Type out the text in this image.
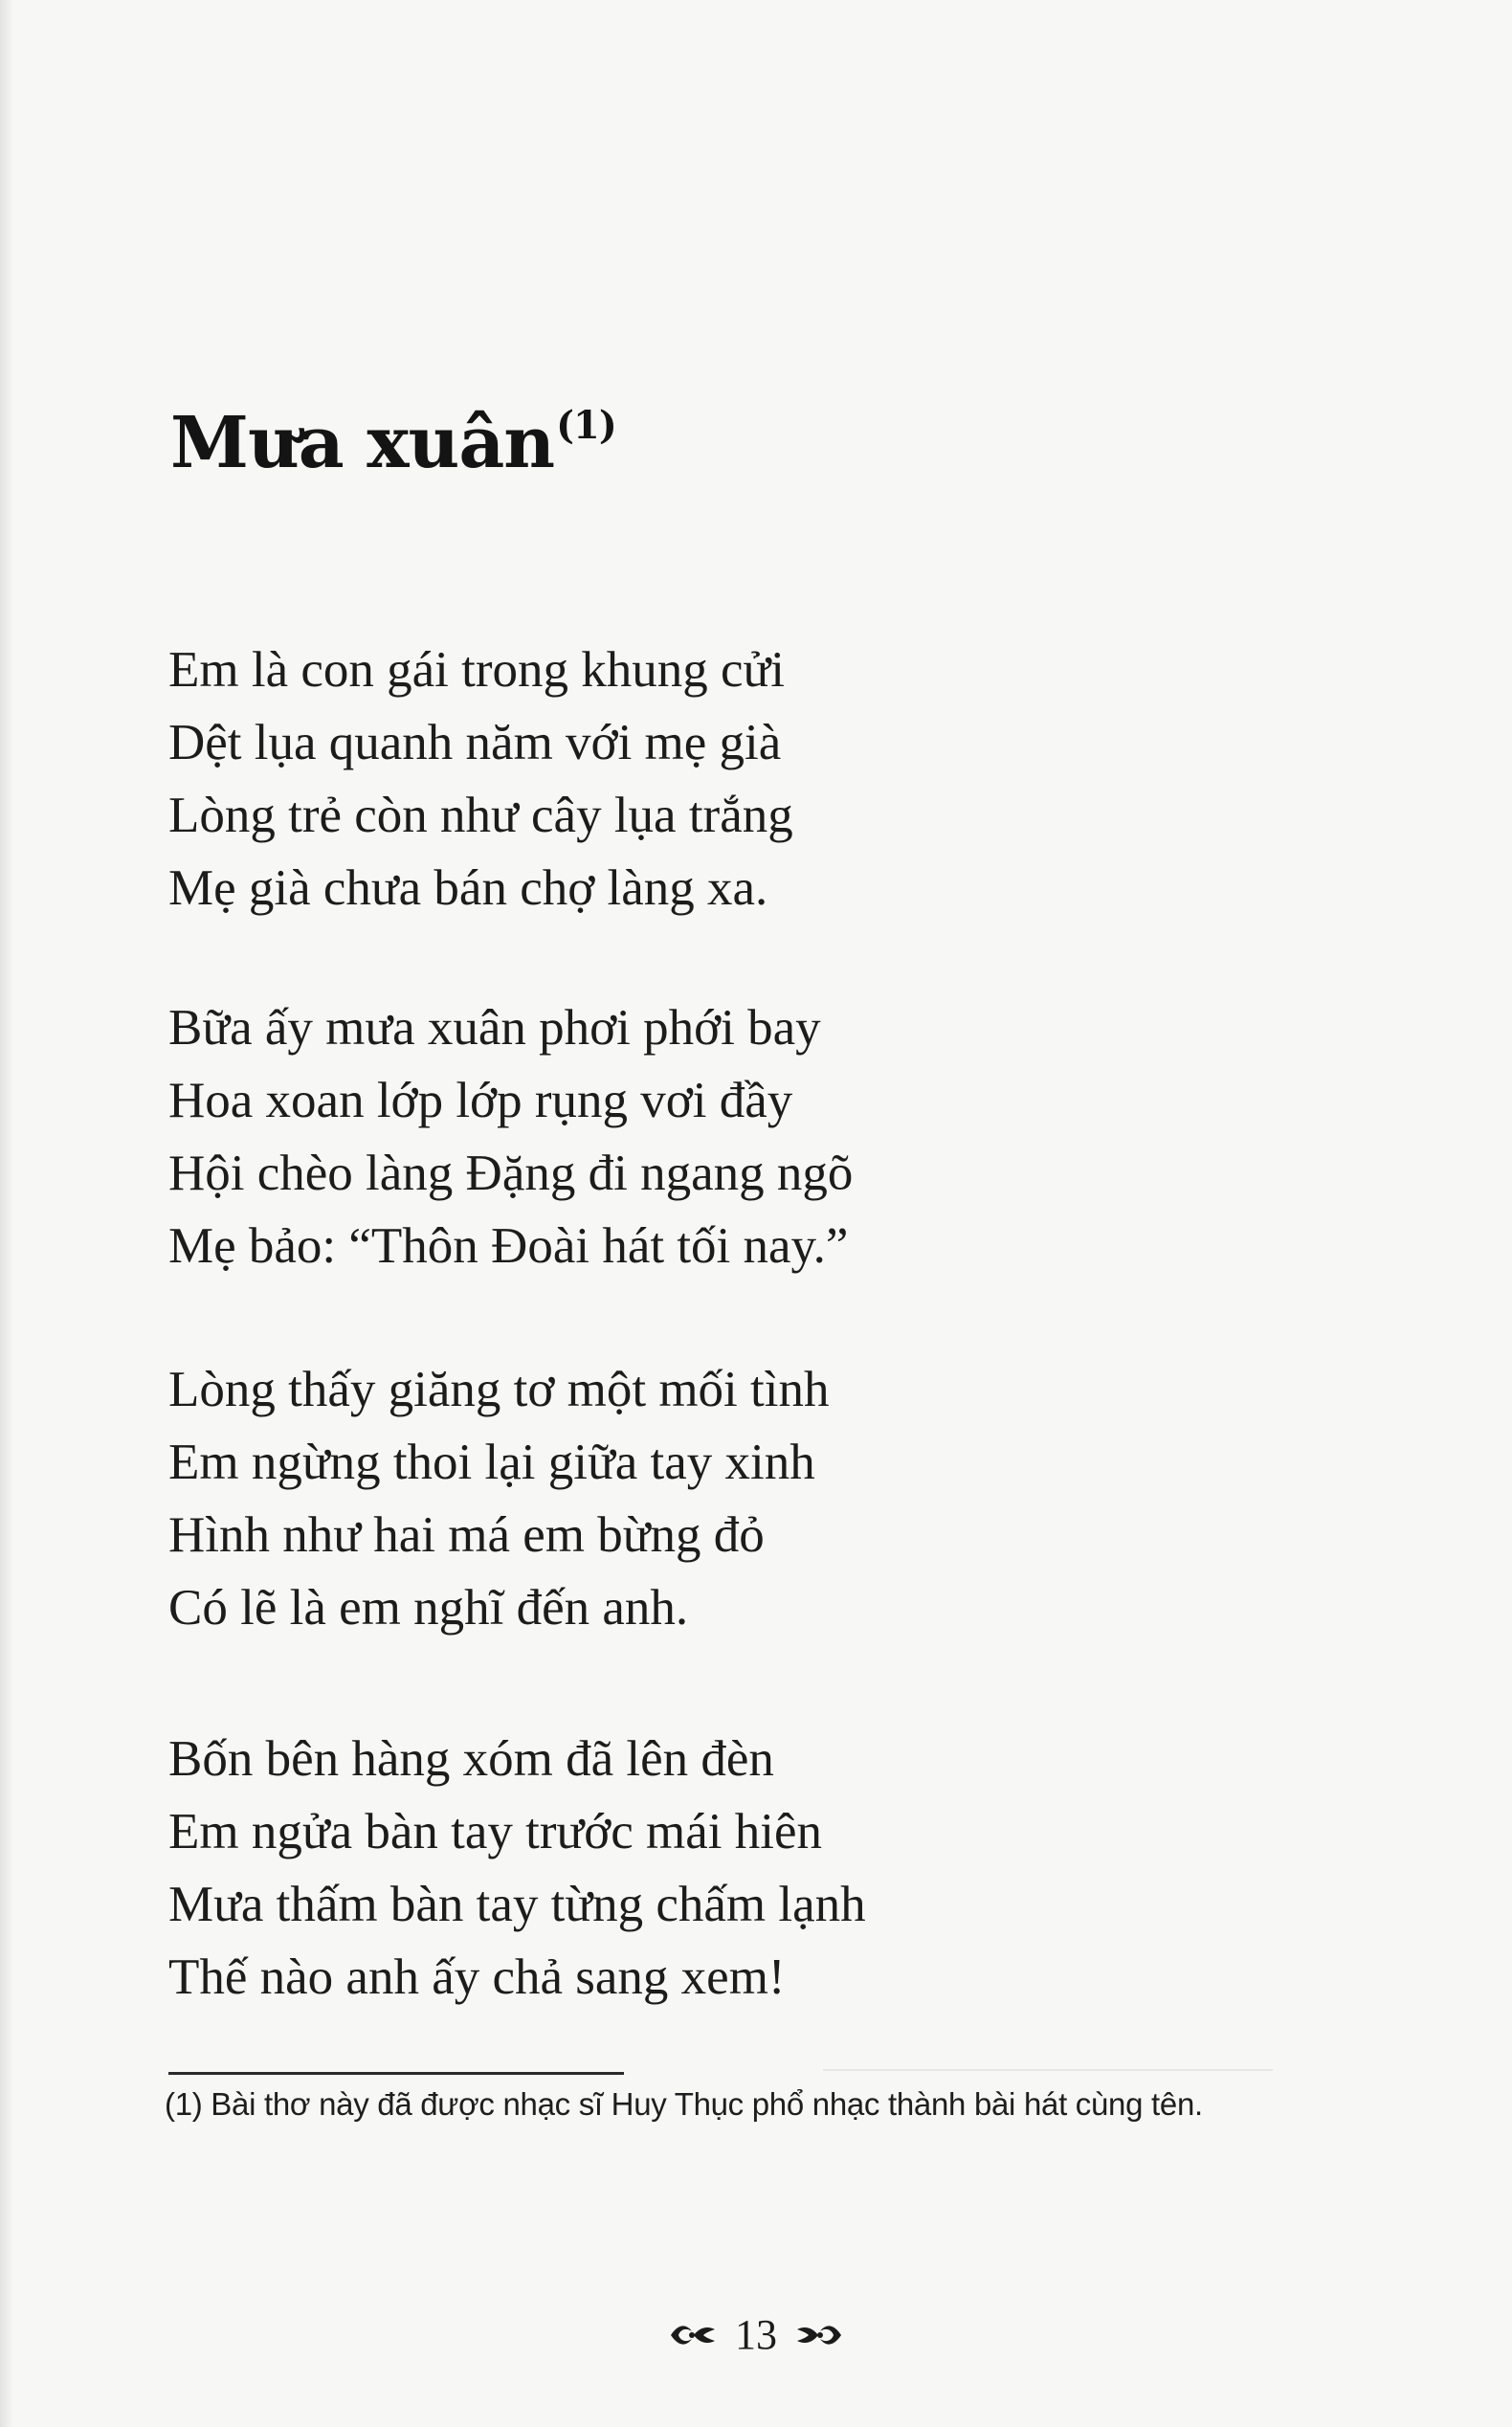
Mưa xuân$^{(1)}$
Em là con gái trong khung cửi
Dệt lụa quanh năm với mẹ già
Lòng trẻ còn như cây lụa trắng
Mẹ già chưa bán chợ làng xa.
Bữa ấy mưa xuân phơi phới bay
Hoa xoan lớp lớp rụng vơi đầy
Hội chèo làng Đặng đi ngang ngõ
Mẹ bảo: “Thôn Đoài hát tối nay.”
Lòng thấy giăng tơ một mối tình
Em ngừng thoi lại giữa tay xinh
Hình như hai má em bừng đỏ
Có lẽ là em nghĩ đến anh.
Bốn bên hàng xóm đã lên đèn
Em ngửa bàn tay trước mái hiên
Mưa thấm bàn tay từng chấm lạnh
Thế nào anh ấy chả sang xem!
(1) Bài thơ này đã được nhạc sĩ Huy Thục phổ nhạc thành bài hát cùng tên.
13
